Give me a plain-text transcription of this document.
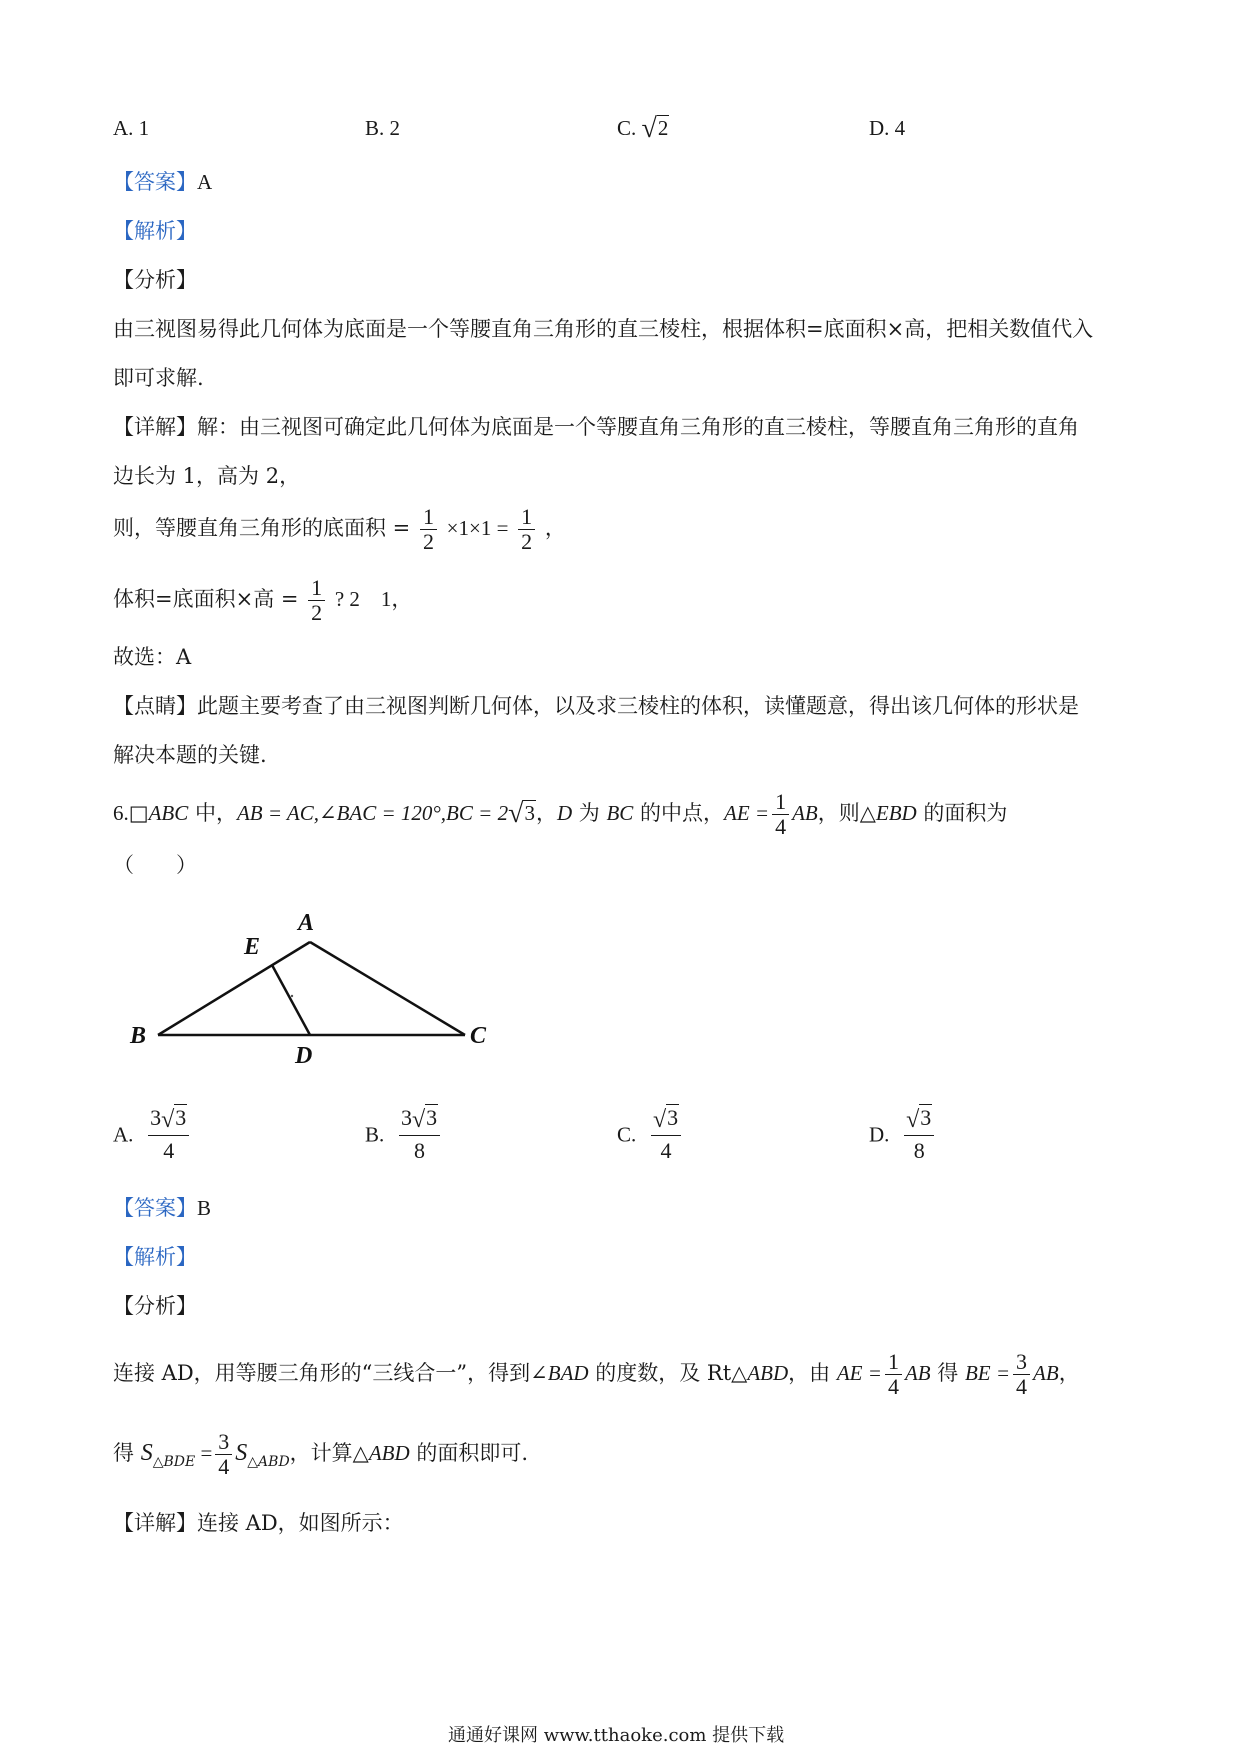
A. 1	B. 2	C. √2	D. 4
【答案】A
【解析】
【分析】
由三视图易得此几何体为底面是一个等腰直角三角形的直三棱柱，根据体积=底面积×高，把相关数值代入
即可求解.
【详解】解：由三视图可确定此几何体为底面是一个等腰直角三角形的直三棱柱，等腰直角三角形的直角
边长为 1，高为 2，
则，等腰直角三角形的底面积 = $\frac{1}{2} \times 1\times 1 = \frac{1}{2}$ ，
体积=底面积×高 = $\frac{1}{2}$ ? 2　1，
故选：A
【点睛】此题主要考查了由三视图判断几何体，以及求三棱柱的体积，读懂题意，得出该几何体的形状是
解决本题的关键.
6.□ABC 中，AB = AC,∠BAC = 120°,BC = 2√3，D 为 BC 的中点，AE = $\frac{1}{4}$ AB，则△EBD 的面积为
（　　）
A
E
B
D
C
A. $\frac{3√3}{4}$	B. $\frac{3√3}{8}$	C. $\frac{√3}{4}$	D. $\frac{√3}{8}$
【答案】B
【解析】
【分析】
连接 AD，用等腰三角形的“三线合一”，得到∠BAD 的度数，及 Rt△ABD，由 AE = $\frac{1}{4}$ AB 得 BE = $\frac{3}{4}$ AB，
得 $S_{\triangle BDE} = \frac{3}{4} S_{\triangle ABD}$，计算△ABD 的面积即可.
【详解】连接 AD，如图所示：
通通好课网 www.tthaoke.com 提供下载
